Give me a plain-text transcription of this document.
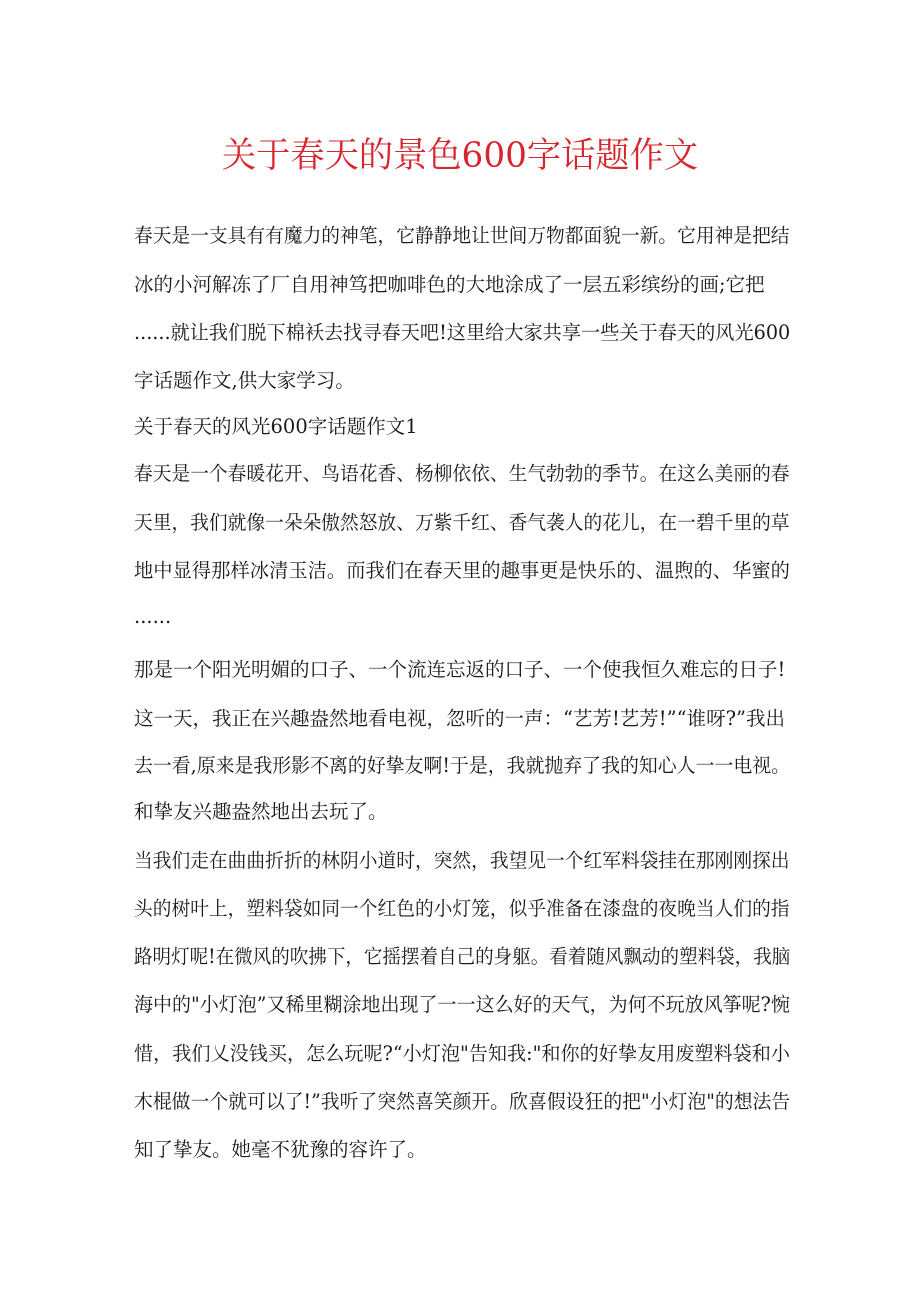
关于春天的景色600字话题作文

春天是一支具有有魔力的神笔，它静静地让世间万物都面貌一新。它用神是把结

冰的小河解冻了厂自用神笃把咖啡色的大地涂成了一层五彩缤纷的画;它把

......就让我们脱下棉袄去找寻春天吧!这里给大家共享一些关于春天的风光600

字话题作文,供大家学习。

关于春天的风光600字话题作文1

春天是一个春暖花开、鸟语花香、杨柳依依、生气勃勃的季节。在这么美丽的春

天里，我们就像一朵朵傲然怒放、万紫千红、香气袭人的花儿，在一碧千里的草

地中显得那样冰清玉洁。而我们在春天里的趣事更是快乐的、温煦的、华蜜的

......

那是一个阳光明媚的口子、一个流连忘返的口子、一个使我恒久难忘的日子!

这一天，我正在兴趣盎然地看电视，忽听的一声：“艺芳!艺芳!”“谁呀?”我出

去一看,原来是我形影不离的好挚友啊!于是，我就抛弃了我的知心人一一电视。

和挚友兴趣盎然地出去玩了。

当我们走在曲曲折折的林阴小道时，突然，我望见一个红军料袋挂在那刚刚探出

头的树叶上，塑料袋如同一个红色的小灯笼，似乎准备在漆盘的夜晚当人们的指

路明灯呢!在微风的吹拂下，它摇摆着自己的身躯。看着随风飘动的塑料袋，我脑

海中的"小灯泡”又稀里糊涂地出现了一一这么好的天气，为何不玩放风筝呢?惋

惜，我们乂没钱买，怎么玩呢?“小灯泡"告知我:"和你的好挚友用废塑料袋和小

木棍做一个就可以了!”我听了突然喜笑颜开。欣喜假设狂的把"小灯泡"的想法告

知了挚友。她毫不犹豫的容许了。
